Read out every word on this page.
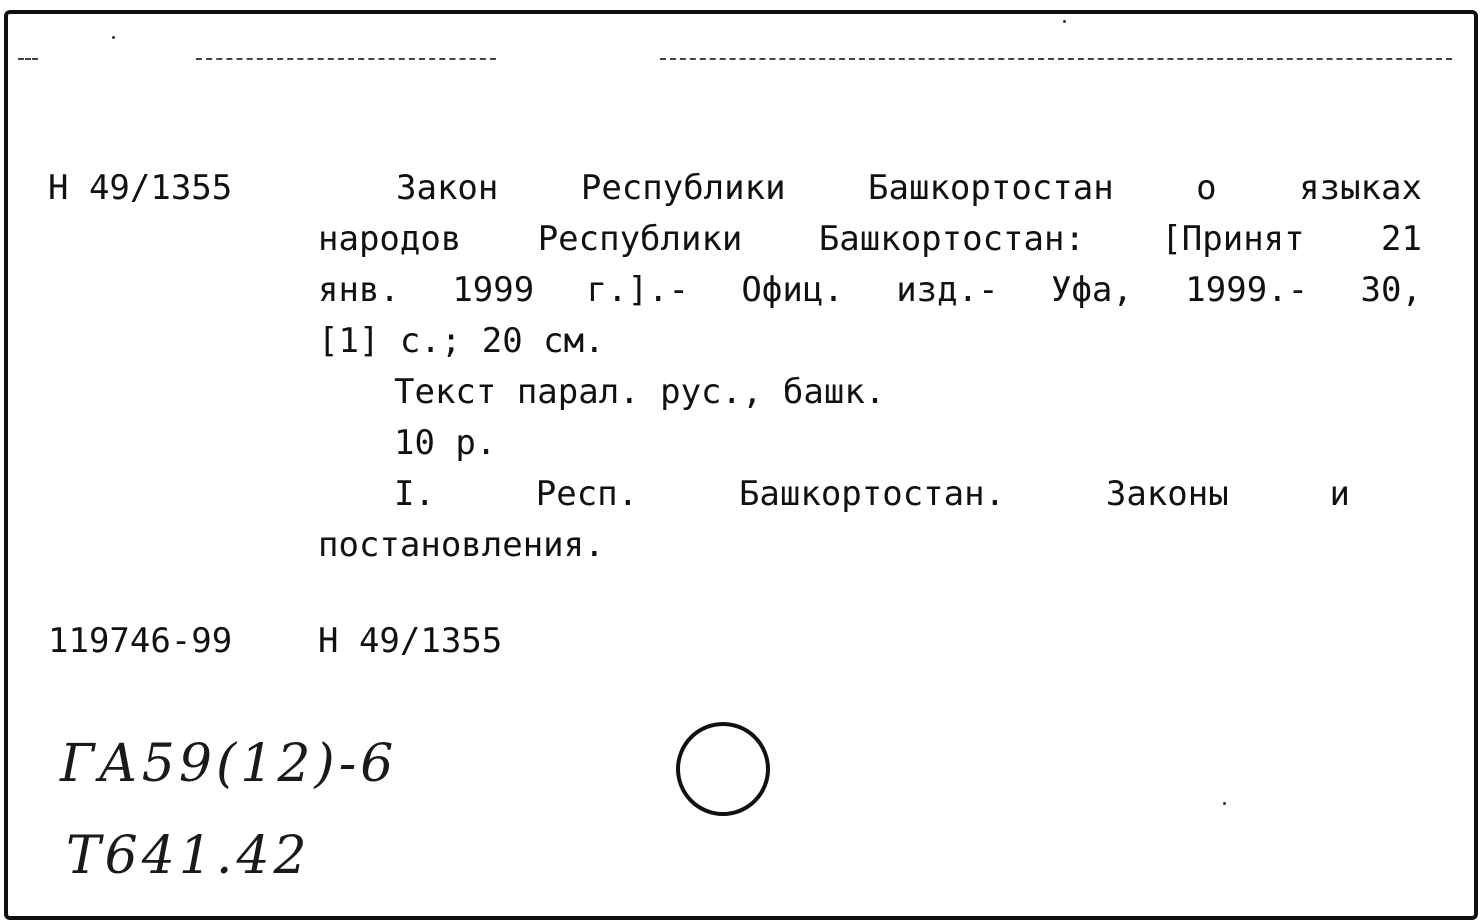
Н 49/1355	Закон Республики Башкортостан о языках
народов Республики Башкортостан: [Принят 21
янв. 1999 г.].- Офиц. изд.- Уфа, 1999.- 30,
[1] с.; 20 см.
Текст парал. рус., башк.
10 р.
I.	Респ.	Башкортостан.	Законы	и
постановления.
119746-99	Н 49/1355
ГА59(12)-6
Т641.42
